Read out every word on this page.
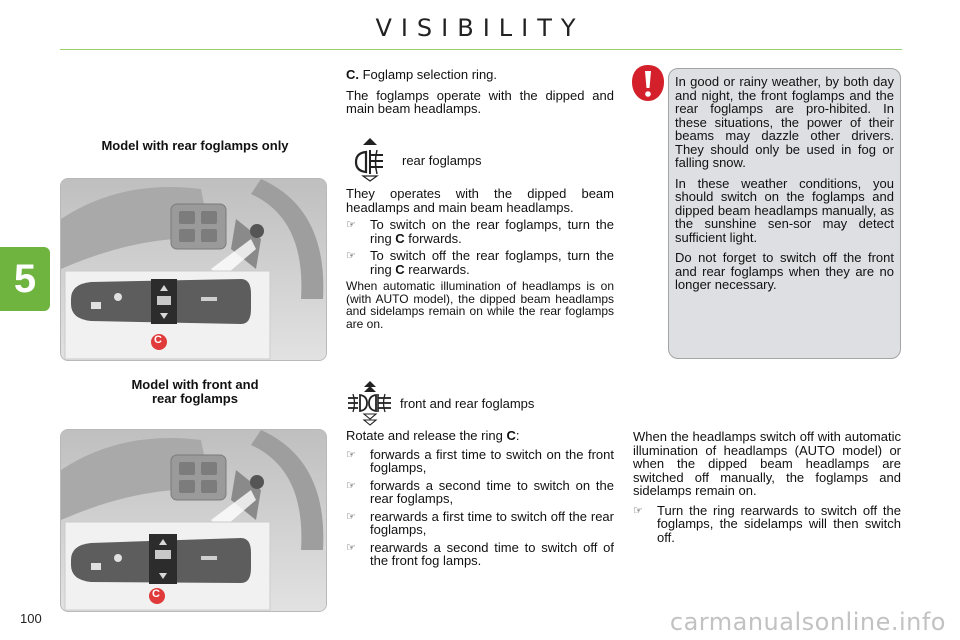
VISIBILITY
5
Model with rear foglamps only
Model with front and
rear foglamps
C
C

C. Foglamp selection ring.

The foglamps operate with the dipped and main beam headlamps.

rear foglamps

They operates with the dipped beam headlamps and main beam headlamps.

☞	To switch on the rear foglamps, turn the ring C forwards.
☞	To switch off the rear foglamps, turn the ring C rearwards.

When automatic illumination of headlamps is on (with AUTO model), the dipped beam headlamps and sidelamps remain on while the rear foglamps are on.

front and rear foglamps

Rotate and release the ring C:

☞	forwards a first time to switch on the front foglamps,
☞	forwards a second time to switch on the rear foglamps,
☞	rearwards a first time to switch off the rear foglamps,
☞	rearwards a second time to switch off of the front fog lamps.

In good or rainy weather, by both day and night, the front foglamps and the rear foglamps are pro-hibited. In these situations, the power of their beams may dazzle other drivers. They should only be used in fog or falling snow.

In these weather conditions, you should switch on the foglamps and dipped beam headlamps manually, as the sunshine sen-sor may detect sufficient light.

Do not forget to switch off the front and rear foglamps when they are no longer necessary.

When the headlamps switch off with automatic illumination of headlamps (AUTO model) or when the dipped beam headlamps are switched off manually, the foglamps and sidelamps remain on.

☞	Turn the ring rearwards to switch off the foglamps, the sidelamps will then switch off.
100	carmanualsonline.info
